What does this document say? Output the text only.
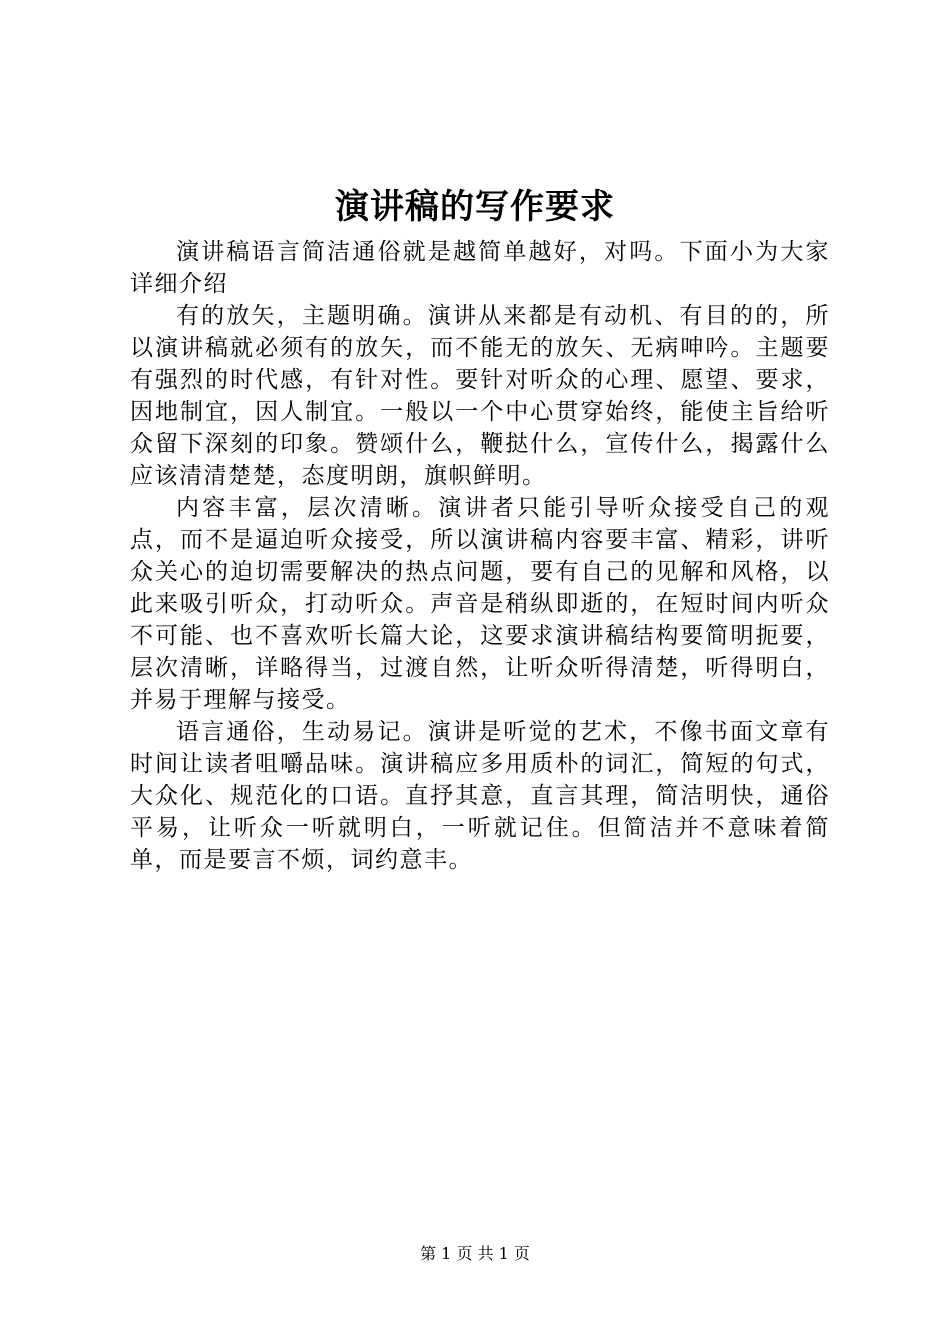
演讲稿的写作要求

演讲稿语言简洁通俗就是越简单越好，对吗。下面小为大家详细介绍

有的放矢，主题明确。演讲从来都是有动机、有目的的，所以演讲稿就必须有的放矢，而不能无的放矢、无病呻吟。主题要有强烈的时代感，有针对性。要针对听众的心理、愿望、要求，因地制宜，因人制宜。一般以一个中心贯穿始终，能使主旨给听众留下深刻的印象。赞颂什么，鞭挞什么，宣传什么，揭露什么应该清清楚楚，态度明朗，旗帜鲜明。

内容丰富，层次清晰。演讲者只能引导听众接受自己的观点，而不是逼迫听众接受，所以演讲稿内容要丰富、精彩，讲听众关心的迫切需要解决的热点问题，要有自己的见解和风格，以此来吸引听众，打动听众。声音是稍纵即逝的，在短时间内听众不可能、也不喜欢听长篇大论，这要求演讲稿结构要简明扼要，层次清晰，详略得当，过渡自然，让听众听得清楚，听得明白，并易于理解与接受。

语言通俗，生动易记。演讲是听觉的艺术，不像书面文章有时间让读者咀嚼品味。演讲稿应多用质朴的词汇，简短的句式，大众化、规范化的口语。直抒其意，直言其理，简洁明快，通俗平易，让听众一听就明白，一听就记住。但简洁并不意味着简单，而是要言不烦，词约意丰。

第 1 页 共 1 页
